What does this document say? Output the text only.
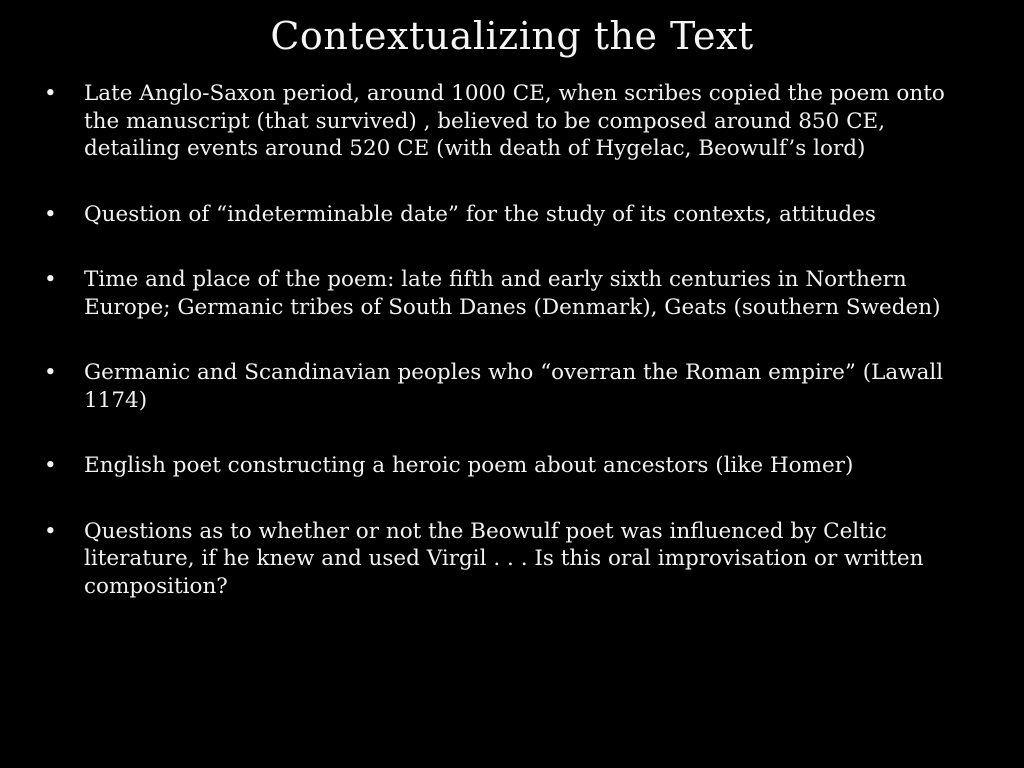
Contextualizing the Text
•	Late Anglo-Saxon period, around 1000 CE, when scribes copied the poem onto the manuscript (that survived) , believed to be composed around 850 CE, detailing events around 520 CE (with death of Hygelac, Beowulf’s lord)
•	Question of “indeterminable date” for the study of its contexts, attitudes
•	Time and place of the poem: late fifth and early sixth centuries in Northern Europe; Germanic tribes of South Danes (Denmark), Geats (southern Sweden)
•	Germanic and Scandinavian peoples who “overran the Roman empire” (Lawall 1174)
•	English poet constructing a heroic poem about ancestors (like Homer)
•	Questions as to whether or not the Beowulf poet was influenced by Celtic literature, if he knew and used Virgil . . . Is this oral improvisation or written composition?
